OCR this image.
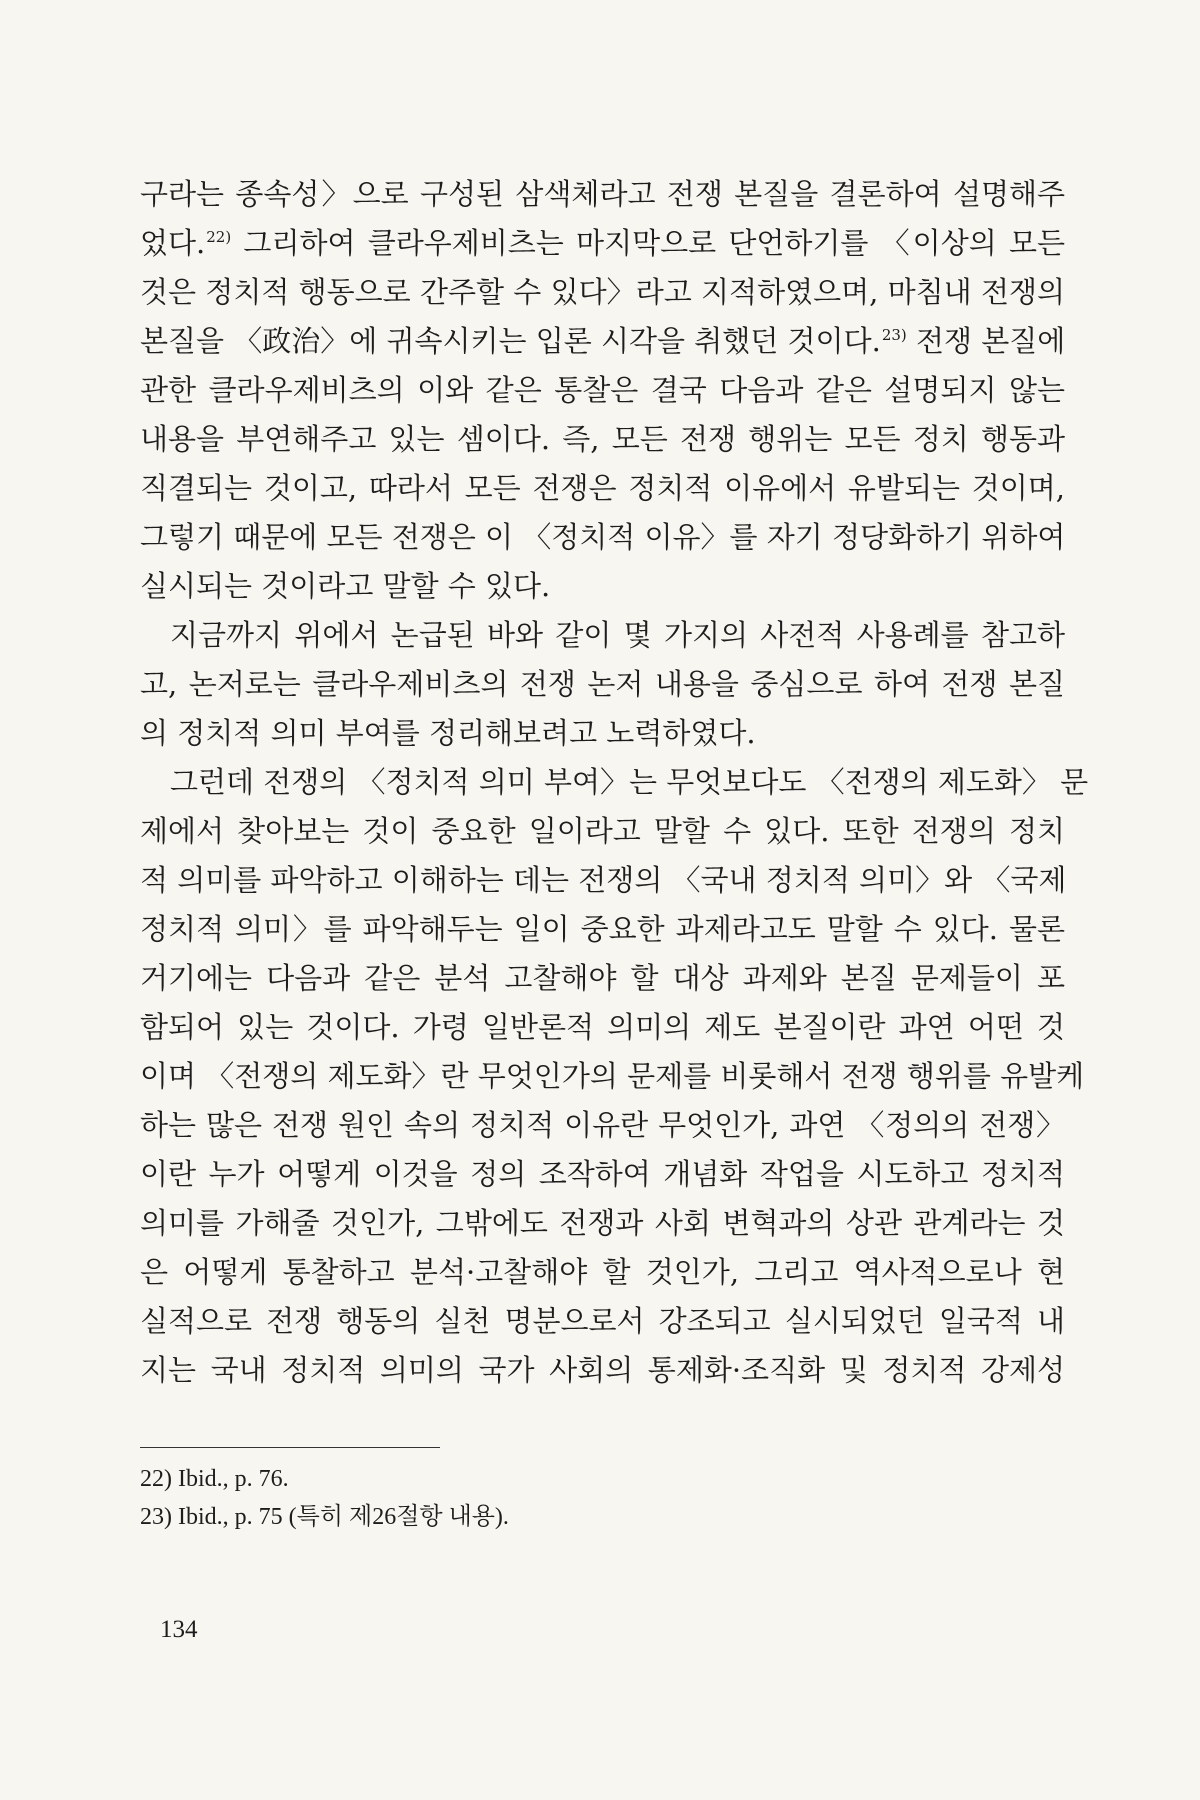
구라는 종속성〉으로 구성된 삼색체라고 전쟁 본질을 결론하여 설명해주
었다.$^{22)}$ 그리하여 클라우제비츠는 마지막으로 단언하기를 〈이상의 모든
것은 정치적 행동으로 간주할 수 있다〉라고 지적하였으며, 마침내 전쟁의
본질을 〈政治〉에 귀속시키는 입론 시각을 취했던 것이다.$^{23)}$ 전쟁 본질에
관한 클라우제비츠의 이와 같은 통찰은 결국 다음과 같은 설명되지 않는
내용을 부연해주고 있는 셈이다. 즉, 모든 전쟁 행위는 모든 정치 행동과
직결되는 것이고, 따라서 모든 전쟁은 정치적 이유에서 유발되는 것이며,
그렇기 때문에 모든 전쟁은 이 〈정치적 이유〉를 자기 정당화하기 위하여
실시되는 것이라고 말할 수 있다.

지금까지 위에서 논급된 바와 같이 몇 가지의 사전적 사용례를 참고하
고, 논저로는 클라우제비츠의 전쟁 논저 내용을 중심으로 하여 전쟁 본질
의 정치적 의미 부여를 정리해보려고 노력하였다.

그런데 전쟁의 〈정치적 의미 부여〉는 무엇보다도 〈전쟁의 제도화〉 문
제에서 찾아보는 것이 중요한 일이라고 말할 수 있다. 또한 전쟁의 정치
적 의미를 파악하고 이해하는 데는 전쟁의 〈국내 정치적 의미〉와 〈국제
정치적 의미〉를 파악해두는 일이 중요한 과제라고도 말할 수 있다. 물론
거기에는 다음과 같은 분석 고찰해야 할 대상 과제와 본질 문제들이 포
함되어 있는 것이다. 가령 일반론적 의미의 제도 본질이란 과연 어떤 것
이며 〈전쟁의 제도화〉란 무엇인가의 문제를 비롯해서 전쟁 행위를 유발케
하는 많은 전쟁 원인 속의 정치적 이유란 무엇인가, 과연 〈정의의 전쟁〉
이란 누가 어떻게 이것을 정의 조작하여 개념화 작업을 시도하고 정치적
의미를 가해줄 것인가, 그밖에도 전쟁과 사회 변혁과의 상관 관계라는 것
은 어떻게 통찰하고 분석·고찰해야 할 것인가, 그리고 역사적으로나 현
실적으로 전쟁 행동의 실천 명분으로서 강조되고 실시되었던 일국적 내
지는 국내 정치적 의미의 국가 사회의 통제화·조직화 및 정치적 강제성

22) Ibid., p. 76.
23) Ibid., p. 75 (특히 제26절항 내용).
134
